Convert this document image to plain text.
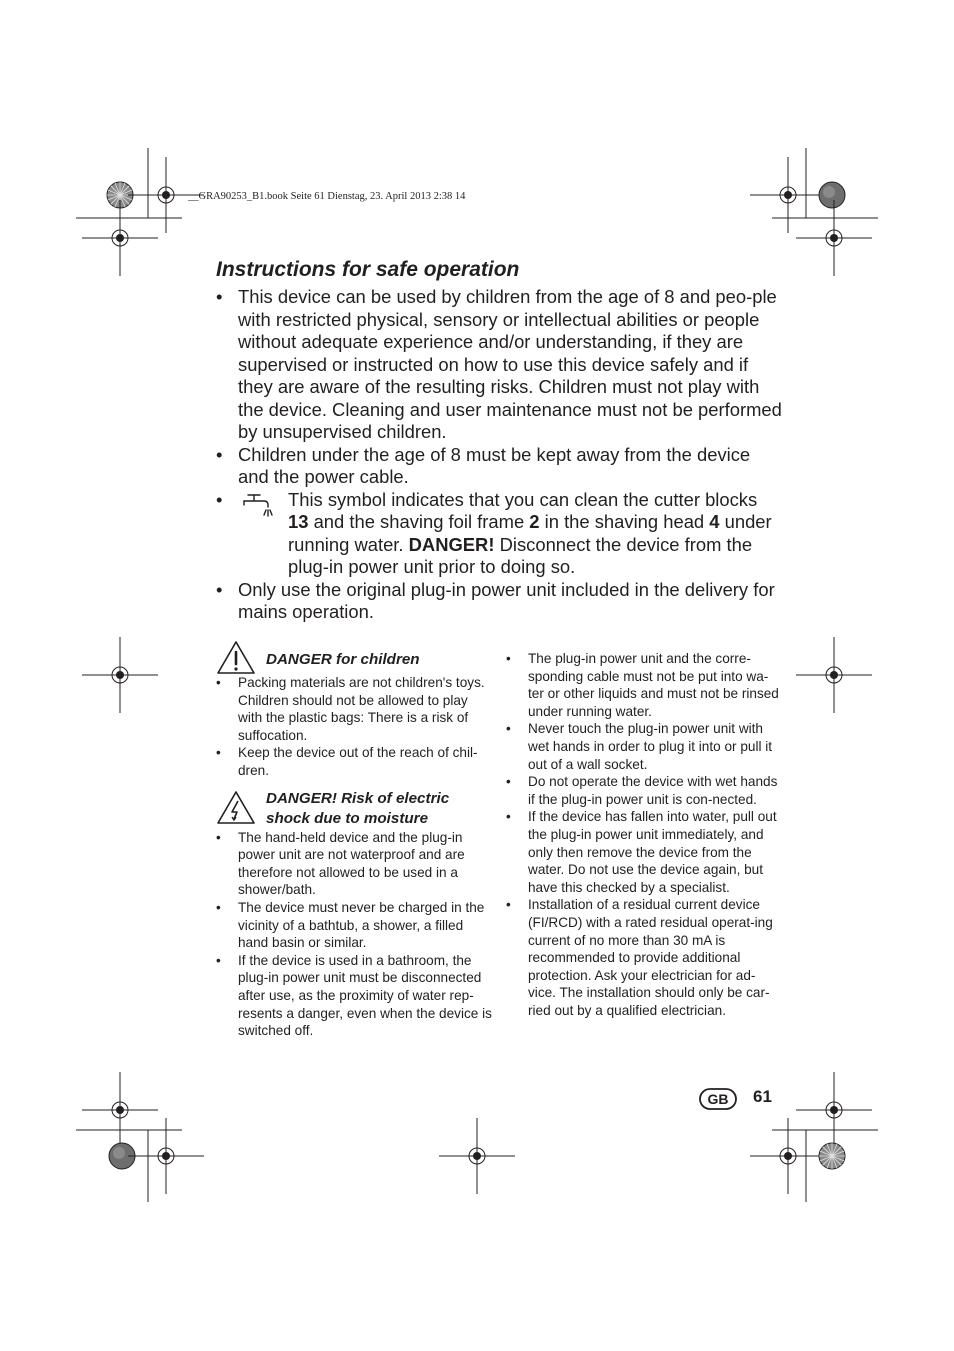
__GRA90253_B1.book Seite 61 Dienstag, 23. April 2013 2:38 14
Instructions for safe operation
• This device can be used by children from the age of 8 and peo-ple with restricted physical, sensory or intellectual abilities or people without adequate experience and/or understanding, if they are supervised or instructed on how to use this device safely and if they are aware of the resulting risks. Children must not play with the device. Cleaning and user maintenance must not be performed by unsupervised children.
• Children under the age of 8 must be kept away from the device and the power cable.
• This symbol indicates that you can clean the cutter blocks 13 and the shaving foil frame 2 in the shaving head 4 under running water. DANGER! Disconnect the device from the plug-in power unit prior to doing so.
• Only use the original plug-in power unit included in the delivery for mains operation.
DANGER for children
• Packing materials are not children's toys. Children should not be allowed to play with the plastic bags: There is a risk of suffocation.
• Keep the device out of the reach of chil-dren.
DANGER! Risk of electric
shock due to moisture
• The hand-held device and the plug-in power unit are not waterproof and are therefore not allowed to be used in a shower/bath.
• The device must never be charged in the vicinity of a bathtub, a shower, a filled hand basin or similar.
• If the device is used in a bathroom, the plug-in power unit must be disconnected after use, as the proximity of water rep-resents a danger, even when the device is switched off.
• The plug-in power unit and the corre-sponding cable must not be put into wa-ter or other liquids and must not be rinsed under running water.
• Never touch the plug-in power unit with wet hands in order to plug it into or pull it out of a wall socket.
• Do not operate the device with wet hands if the plug-in power unit is con-nected.
• If the device has fallen into water, pull out the plug-in power unit immediately, and only then remove the device from the water. Do not use the device again, but have this checked by a specialist.
• Installation of a residual current device (FI/RCD) with a rated residual operat-ing current of no more than 30 mA is recommended to provide additional protection. Ask your electrician for ad-vice. The installation should only be car-ried out by a qualified electrician.
GB 61
